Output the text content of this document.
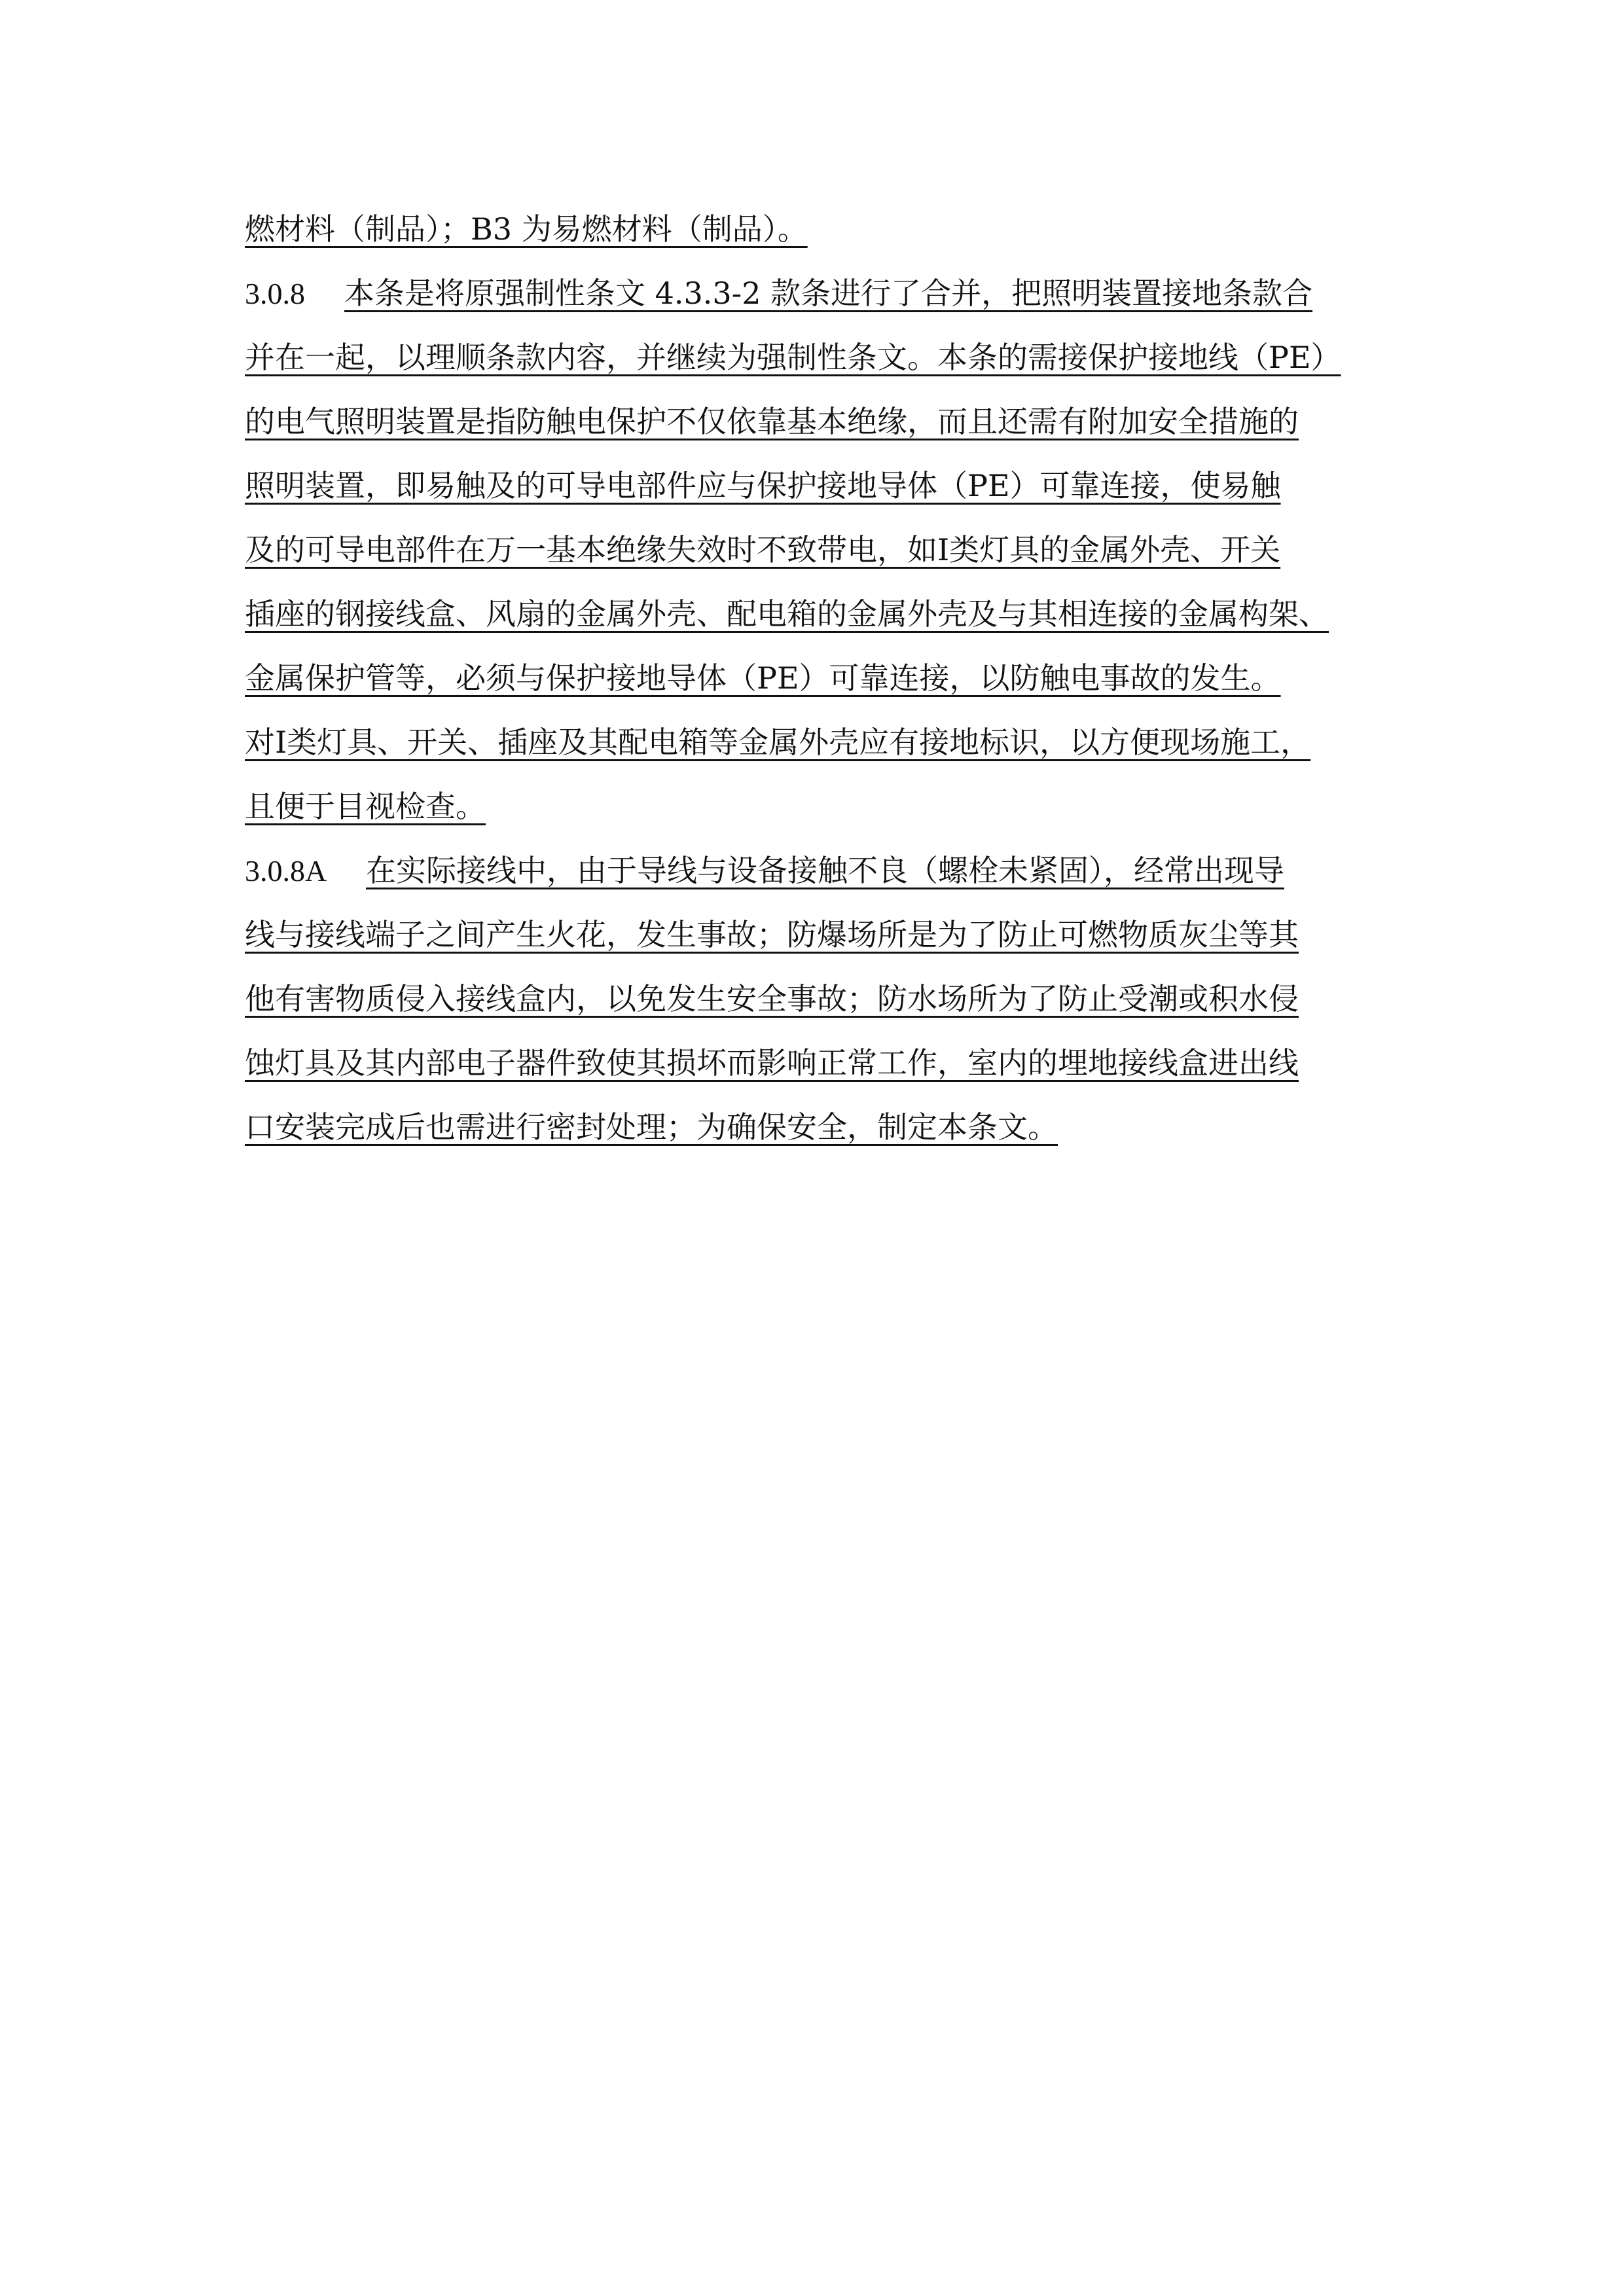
燃材料（制品）；B3 为易燃材料（制品）。
3.0.8 本条是将原强制性条文 4.3.3-2 款条进行了合并，把照明装置接地条款合
并在一起，以理顺条款内容，并继续为强制性条文。本条的需接保护接地线（PE）
的电气照明装置是指防触电保护不仅依靠基本绝缘，而且还需有附加安全措施的
照明装置，即易触及的可导电部件应与保护接地导体（PE）可靠连接，使易触
及的可导电部件在万一基本绝缘失效时不致带电，如I类灯具的金属外壳、开关
插座的钢接线盒、风扇的金属外壳、配电箱的金属外壳及与其相连接的金属构架、
金属保护管等，必须与保护接地导体（PE）可靠连接，以防触电事故的发生。
对I类灯具、开关、插座及其配电箱等金属外壳应有接地标识，以方便现场施工，
且便于目视检查。
3.0.8A 在实际接线中，由于导线与设备接触不良（螺栓未紧固），经常出现导
线与接线端子之间产生火花，发生事故；防爆场所是为了防止可燃物质灰尘等其
他有害物质侵入接线盒内，以免发生安全事故；防水场所为了防止受潮或积水侵
蚀灯具及其内部电子器件致使其损坏而影响正常工作，室内的埋地接线盒进出线
口安装完成后也需进行密封处理；为确保安全，制定本条文。
